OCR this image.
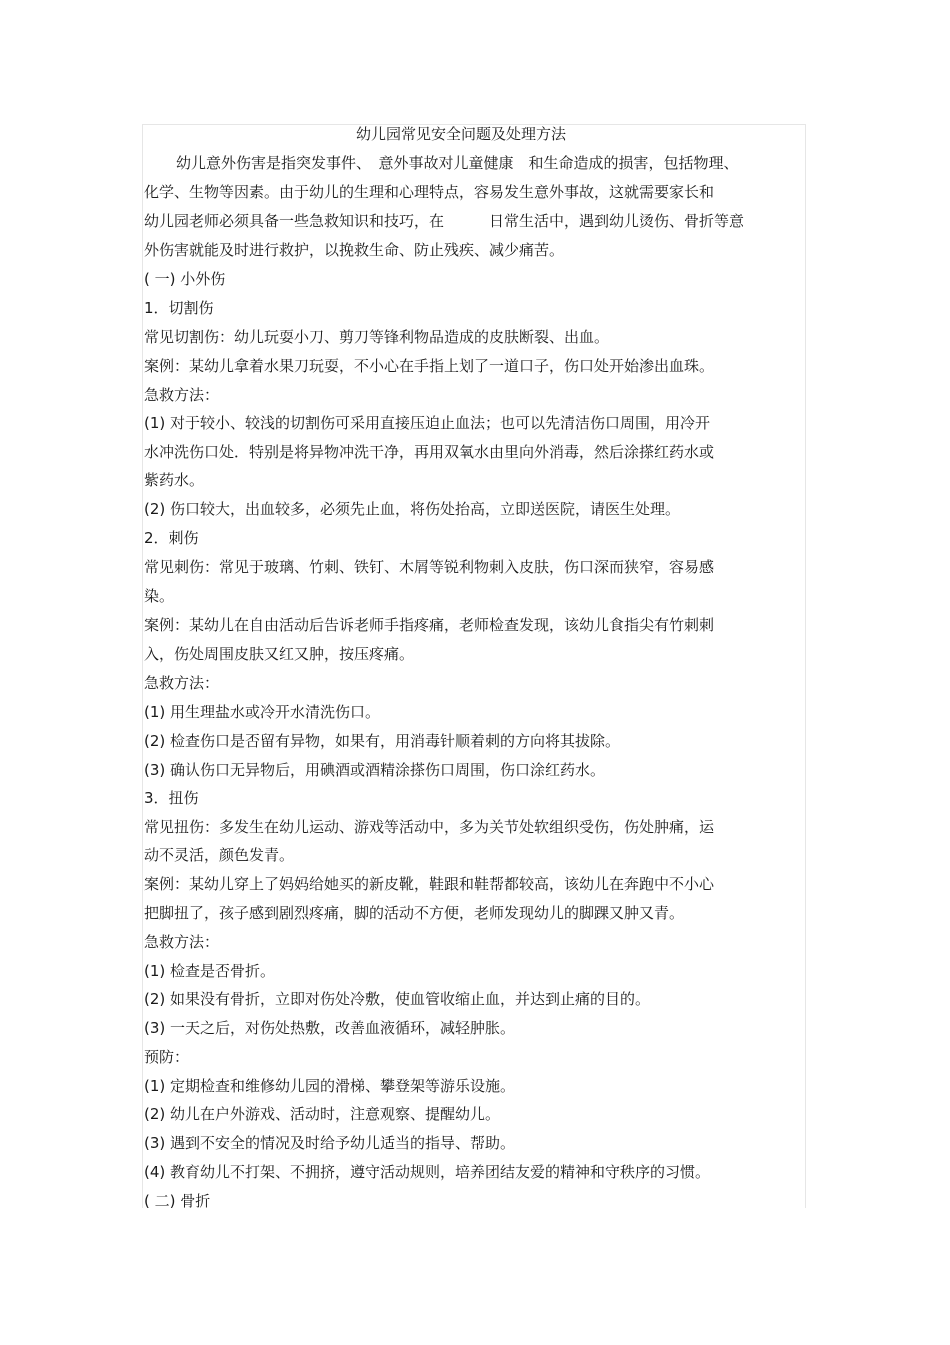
幼儿园常见安全问题及处理方法
幼儿意外伤害是指突发事件、　意外事故对儿童健康　和生命造成的损害，包括物理、
化学、生物等因素。由于幼儿的生理和心理特点，容易发生意外事故，这就需要家长和
幼儿园老师必须具备一些急救知识和技巧，在　　　日常生活中，遇到幼儿烫伤、骨折等意
外伤害就能及时进行救护，以挽救生命、防止残疾、减少痛苦。
( 一) 小外伤
1．切割伤
常见切割伤：幼儿玩耍小刀、剪刀等锋利物品造成的皮肤断裂、出血。
案例：某幼儿拿着水果刀玩耍，不小心在手指上划了一道口子，伤口处开始渗出血珠。
急救方法：
(1) 对于较小、较浅的切割伤可采用直接压迫止血法；也可以先清洁伤口周围，用冷开
水冲洗伤口处．特别是将异物冲洗干净，再用双氧水由里向外消毒，然后涂搽红药水或
紫药水。
(2) 伤口较大，出血较多，必须先止血，将伤处抬高，立即送医院，请医生处理。
2．刺伤
常见刺伤：常见于玻璃、竹刺、铁钉、木屑等锐利物刺入皮肤，伤口深而狭窄，容易感
染。
案例：某幼儿在自由活动后告诉老师手指疼痛，老师检查发现，该幼儿食指尖有竹刺刺
入，伤处周围皮肤又红又肿，按压疼痛。
急救方法：
(1) 用生理盐水或冷开水清洗伤口。
(2) 检查伤口是否留有异物，如果有，用消毒针顺着刺的方向将其拔除。
(3) 确认伤口无异物后，用碘酒或酒精涂搽伤口周围，伤口涂红药水。
3．扭伤
常见扭伤：多发生在幼儿运动、游戏等活动中，多为关节处软组织受伤，伤处肿痛，运
动不灵活，颜色发青。
案例：某幼儿穿上了妈妈给她买的新皮靴，鞋跟和鞋帮都较高，该幼儿在奔跑中不小心
把脚扭了，孩子感到剧烈疼痛，脚的活动不方便，老师发现幼儿的脚踝又肿又青。
急救方法：
(1) 检查是否骨折。
(2) 如果没有骨折，立即对伤处冷敷，使血管收缩止血，并达到止痛的目的。
(3) 一天之后，对伤处热敷，改善血液循环，减轻肿胀。
预防：
(1) 定期检查和维修幼儿园的滑梯、攀登架等游乐设施。
(2) 幼儿在户外游戏、活动时，注意观察、提醒幼儿。
(3) 遇到不安全的情况及时给予幼儿适当的指导、帮助。
(4) 教育幼儿不打架、不拥挤，遵守活动规则，培养团结友爱的精神和守秩序的习惯。
( 二) 骨折
